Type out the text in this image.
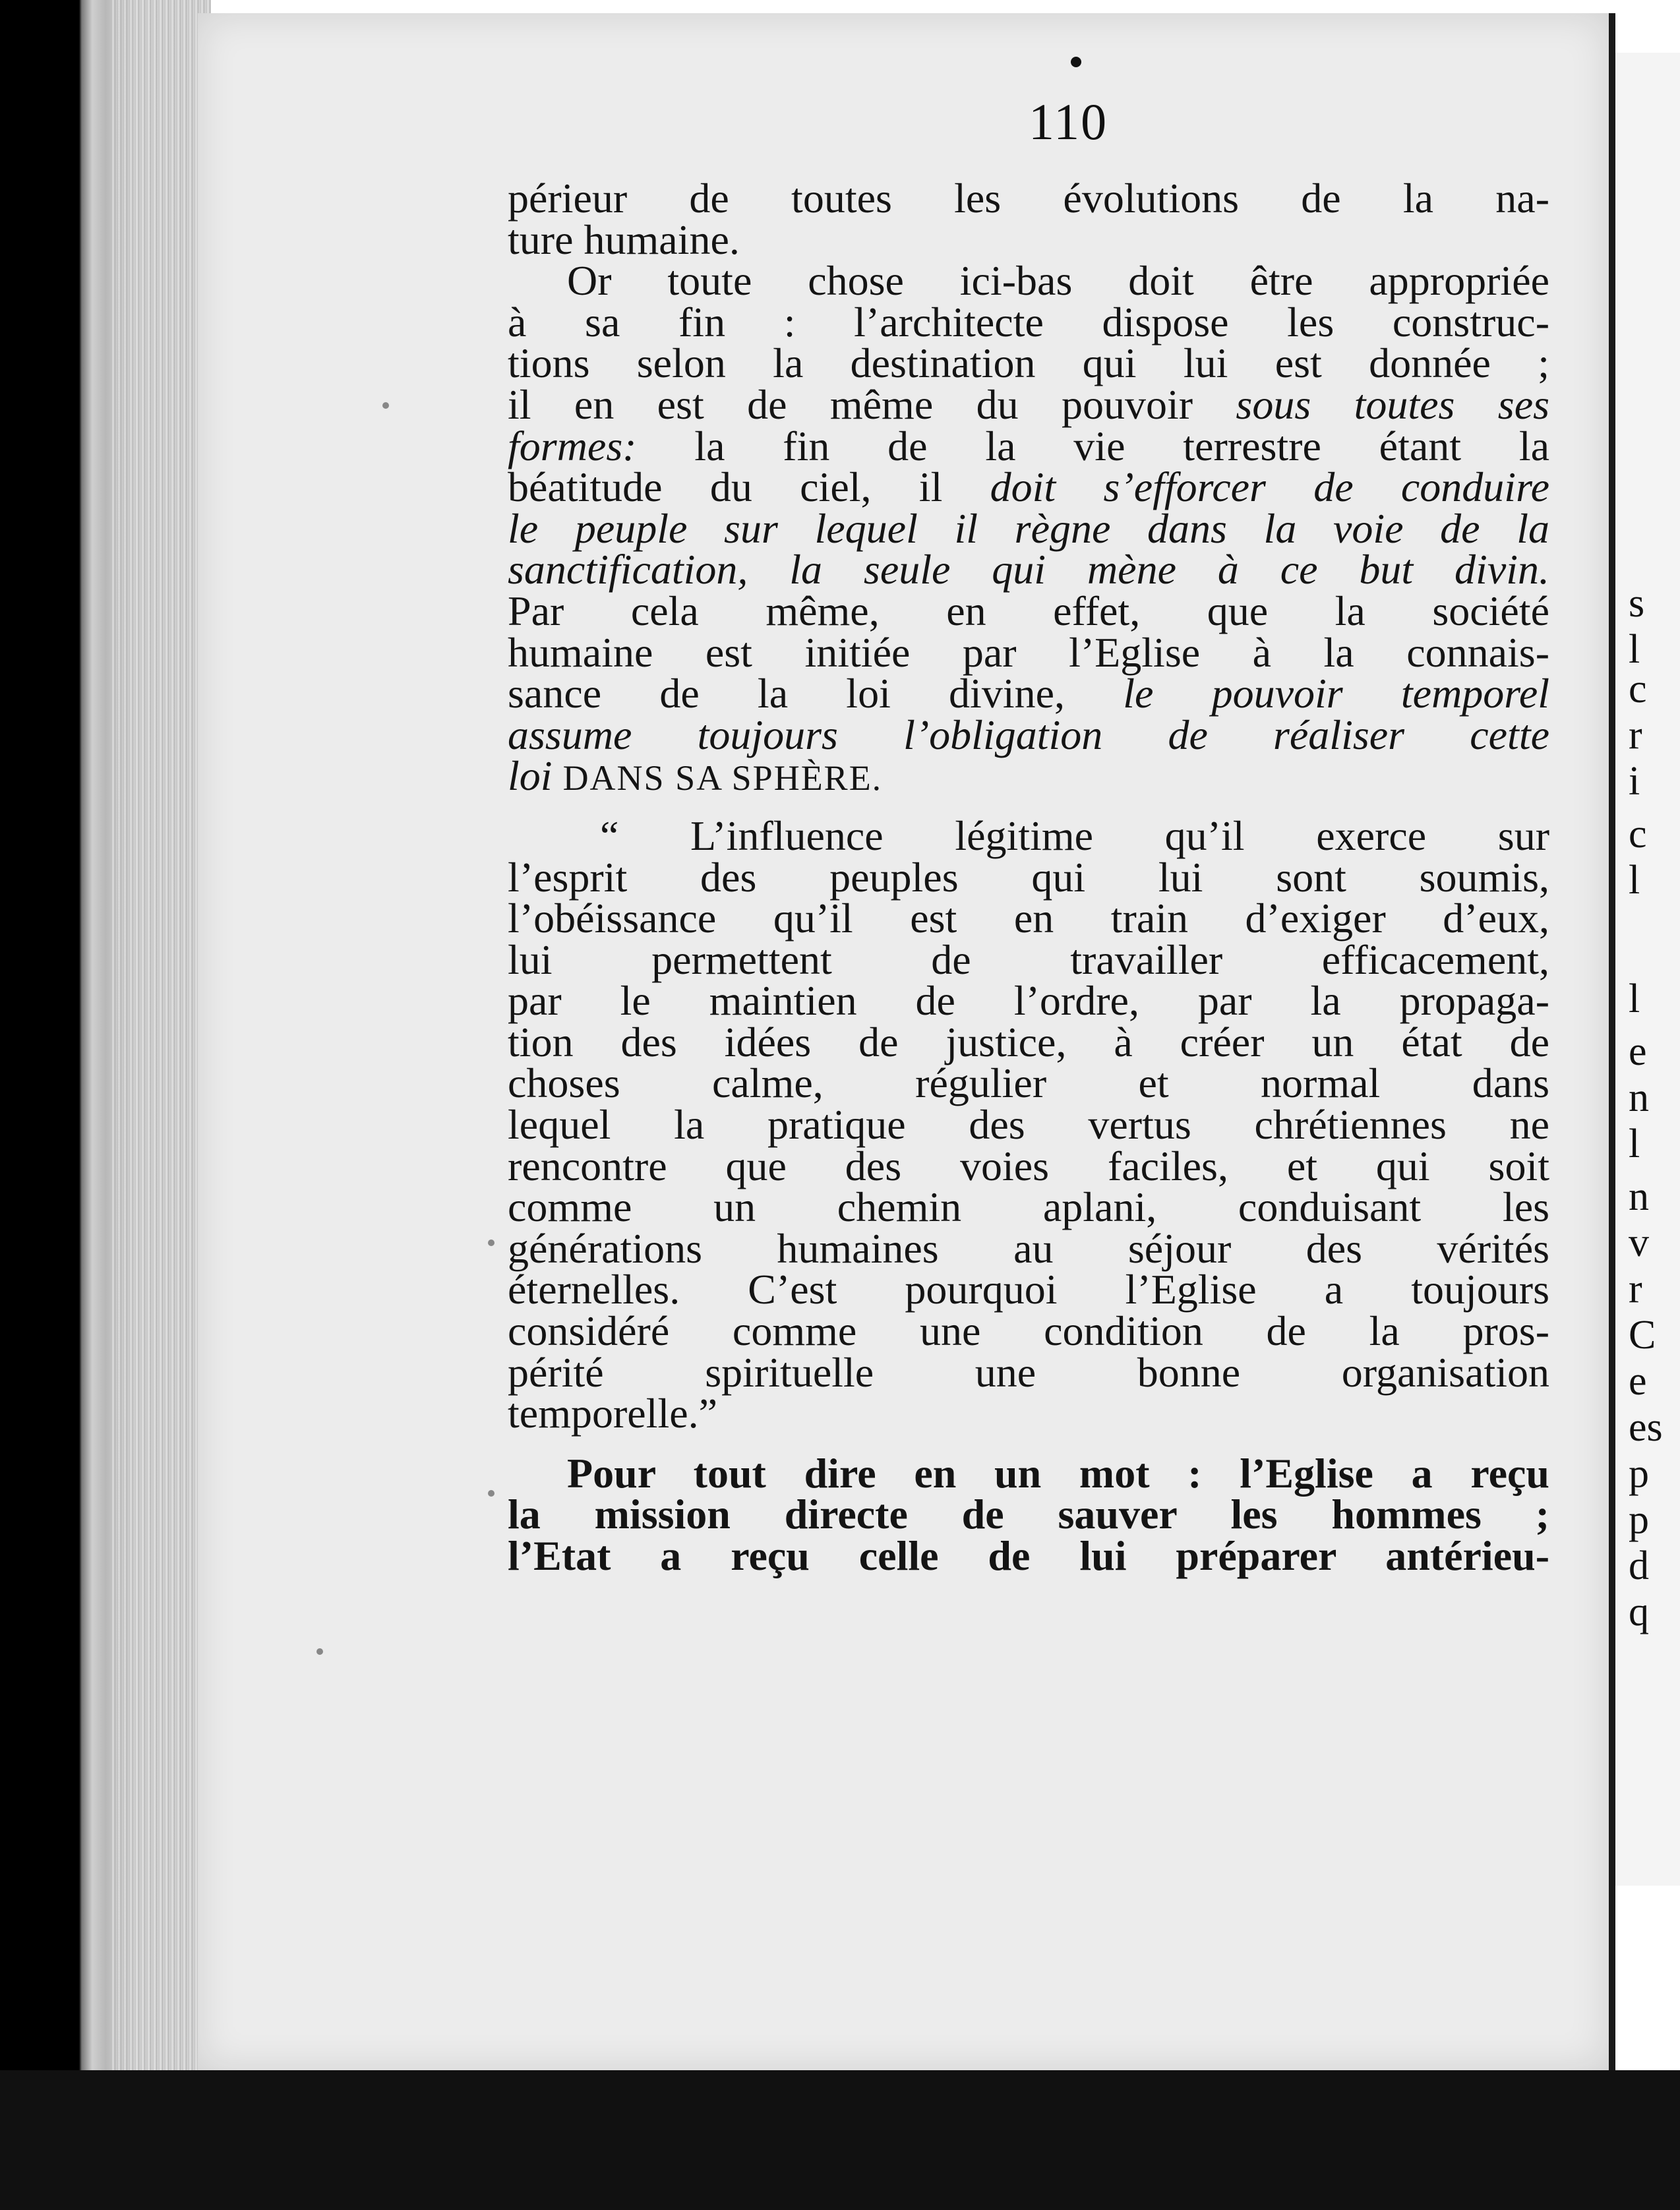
110
périeur de toutes les évolutions de la na-
ture humaine.
Or toute chose ici-bas doit être appropriée
à sa fin : l’architecte dispose les construc-
tions selon la destination qui lui est donnée ;
il en est de même du pouvoir sous toutes ses
formes: la fin de la vie terrestre étant la
béatitude du ciel, il doit s’efforcer de conduire
le peuple sur lequel il règne dans la voie de la
sanctification, la seule qui mène à ce but divin.
Par cela même, en effet, que la société
humaine est initiée par l’Eglise à la connais-
sance de la loi divine, le pouvoir temporel
assume toujours l’obligation de réaliser cette
loi DANS SA SPHÈRE.
“ L’influence légitime qu’il exerce sur
l’esprit des peuples qui lui sont soumis,
l’obéissance qu’il est en train d’exiger d’eux,
lui permettent de travailler efficacement,
par le maintien de l’ordre, par la propaga-
tion des idées de justice, à créer un état de
choses calme, régulier et normal dans
lequel la pratique des vertus chrétiennes ne
rencontre que des voies faciles, et qui soit
comme un chemin aplani, conduisant les
générations humaines au séjour des vérités
éternelles. C’est pourquoi l’Eglise a toujours
considéré comme une condition de la pros-
périté spirituelle une bonne organisation
temporelle.”
Pour tout dire en un mot : l’Eglise a reçu
la mission directe de sauver les hommes ;
l’Etat a reçu celle de lui préparer antérieu-
s
l
c
r
i
c
l
l
e
n
l
n
v
r
C
e
es
p
p
d
q
